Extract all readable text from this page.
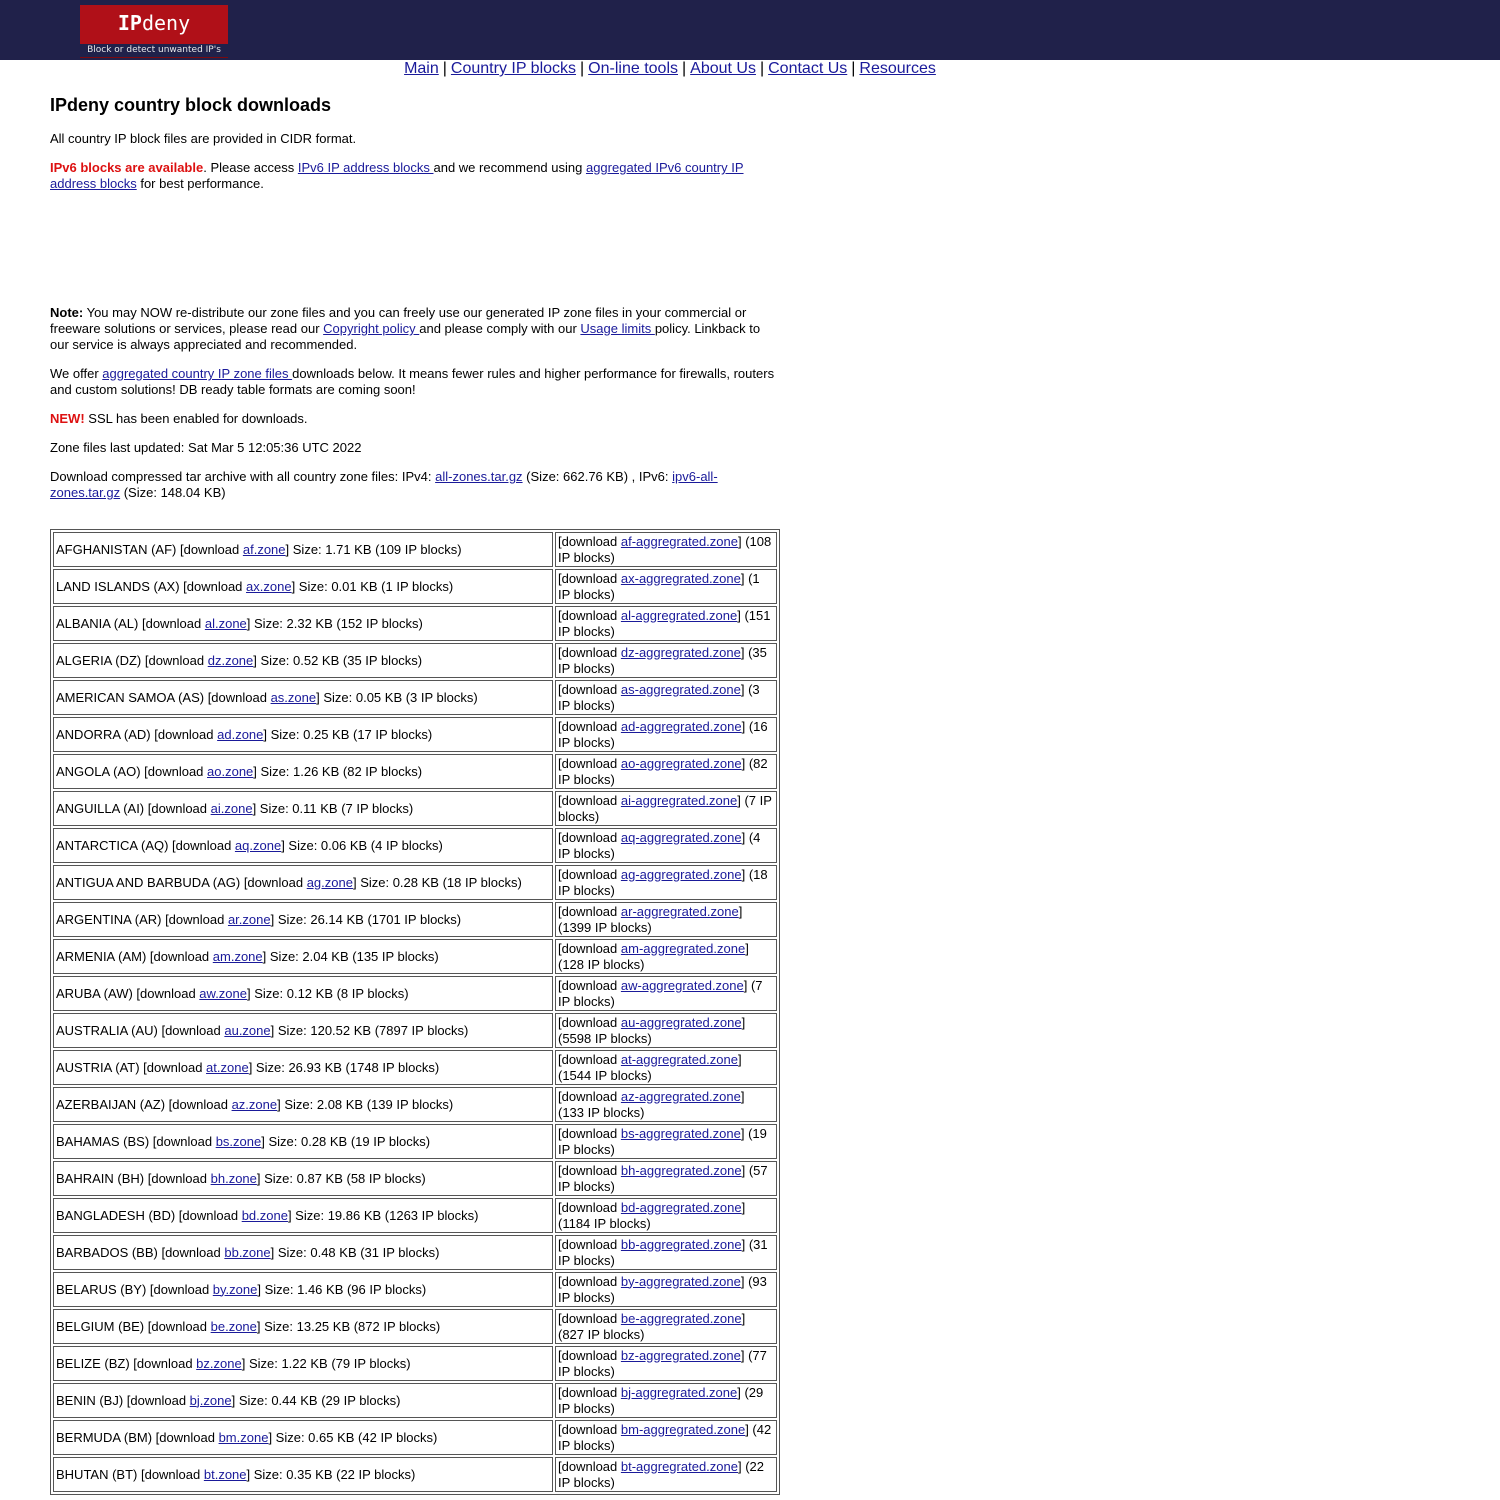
IPdeny
Block or detect unwanted IP's
Main | Country IP blocks | On-line tools | About Us | Contact Us | Resources
IPdeny country block downloads

All country IP block files are provided in CIDR format.

IPv6 blocks are available. Please access IPv6 IP address blocks and we recommend using aggregated IPv6 country IP address blocks for best performance.

Note: You may NOW re-distribute our zone files and you can freely use our generated IP zone files in your commercial or freeware solutions or services, please read our Copyright policy and please comply with our Usage limits policy. Linkback to our service is always appreciated and recommended.

We offer aggregated country IP zone files downloads below. It means fewer rules and higher performance for firewalls, routers and custom solutions! DB ready table formats are coming soon!

NEW! SSL has been enabled for downloads.

Zone files last updated: Sat Mar 5 12:05:36 UTC 2022

Download compressed tar archive with all country zone files: IPv4: all-zones.tar.gz (Size: 662.76 KB) , IPv6: ipv6-all-zones.tar.gz (Size: 148.04 KB)

AFGHANISTAN (AF) [download af.zone] Size: 1.71 KB (109 IP blocks)	[download af-aggregrated.zone] (108 IP blocks)
LAND ISLANDS (AX) [download ax.zone] Size: 0.01 KB (1 IP blocks)	[download ax-aggregrated.zone] (1 IP blocks)
ALBANIA (AL) [download al.zone] Size: 2.32 KB (152 IP blocks)	[download al-aggregrated.zone] (151 IP blocks)
ALGERIA (DZ) [download dz.zone] Size: 0.52 KB (35 IP blocks)	[download dz-aggregrated.zone] (35 IP blocks)
AMERICAN SAMOA (AS) [download as.zone] Size: 0.05 KB (3 IP blocks)	[download as-aggregrated.zone] (3 IP blocks)
ANDORRA (AD) [download ad.zone] Size: 0.25 KB (17 IP blocks)	[download ad-aggregrated.zone] (16 IP blocks)
ANGOLA (AO) [download ao.zone] Size: 1.26 KB (82 IP blocks)	[download ao-aggregrated.zone] (82 IP blocks)
ANGUILLA (AI) [download ai.zone] Size: 0.11 KB (7 IP blocks)	[download ai-aggregrated.zone] (7 IP blocks)
ANTARCTICA (AQ) [download aq.zone] Size: 0.06 KB (4 IP blocks)	[download aq-aggregrated.zone] (4 IP blocks)
ANTIGUA AND BARBUDA (AG) [download ag.zone] Size: 0.28 KB (18 IP blocks)	[download ag-aggregrated.zone] (18 IP blocks)
ARGENTINA (AR) [download ar.zone] Size: 26.14 KB (1701 IP blocks)	[download ar-aggregrated.zone] (1399 IP blocks)
ARMENIA (AM) [download am.zone] Size: 2.04 KB (135 IP blocks)	[download am-aggregrated.zone] (128 IP blocks)
ARUBA (AW) [download aw.zone] Size: 0.12 KB (8 IP blocks)	[download aw-aggregrated.zone] (7 IP blocks)
AUSTRALIA (AU) [download au.zone] Size: 120.52 KB (7897 IP blocks)	[download au-aggregrated.zone] (5598 IP blocks)
AUSTRIA (AT) [download at.zone] Size: 26.93 KB (1748 IP blocks)	[download at-aggregrated.zone] (1544 IP blocks)
AZERBAIJAN (AZ) [download az.zone] Size: 2.08 KB (139 IP blocks)	[download az-aggregrated.zone] (133 IP blocks)
BAHAMAS (BS) [download bs.zone] Size: 0.28 KB (19 IP blocks)	[download bs-aggregrated.zone] (19 IP blocks)
BAHRAIN (BH) [download bh.zone] Size: 0.87 KB (58 IP blocks)	[download bh-aggregrated.zone] (57 IP blocks)
BANGLADESH (BD) [download bd.zone] Size: 19.86 KB (1263 IP blocks)	[download bd-aggregrated.zone] (1184 IP blocks)
BARBADOS (BB) [download bb.zone] Size: 0.48 KB (31 IP blocks)	[download bb-aggregrated.zone] (31 IP blocks)
BELARUS (BY) [download by.zone] Size: 1.46 KB (96 IP blocks)	[download by-aggregrated.zone] (93 IP blocks)
BELGIUM (BE) [download be.zone] Size: 13.25 KB (872 IP blocks)	[download be-aggregrated.zone] (827 IP blocks)
BELIZE (BZ) [download bz.zone] Size: 1.22 KB (79 IP blocks)	[download bz-aggregrated.zone] (77 IP blocks)
BENIN (BJ) [download bj.zone] Size: 0.44 KB (29 IP blocks)	[download bj-aggregrated.zone] (29 IP blocks)
BERMUDA (BM) [download bm.zone] Size: 0.65 KB (42 IP blocks)	[download bm-aggregrated.zone] (42 IP blocks)
BHUTAN (BT) [download bt.zone] Size: 0.35 KB (22 IP blocks)	[download bt-aggregrated.zone] (22 IP blocks)
